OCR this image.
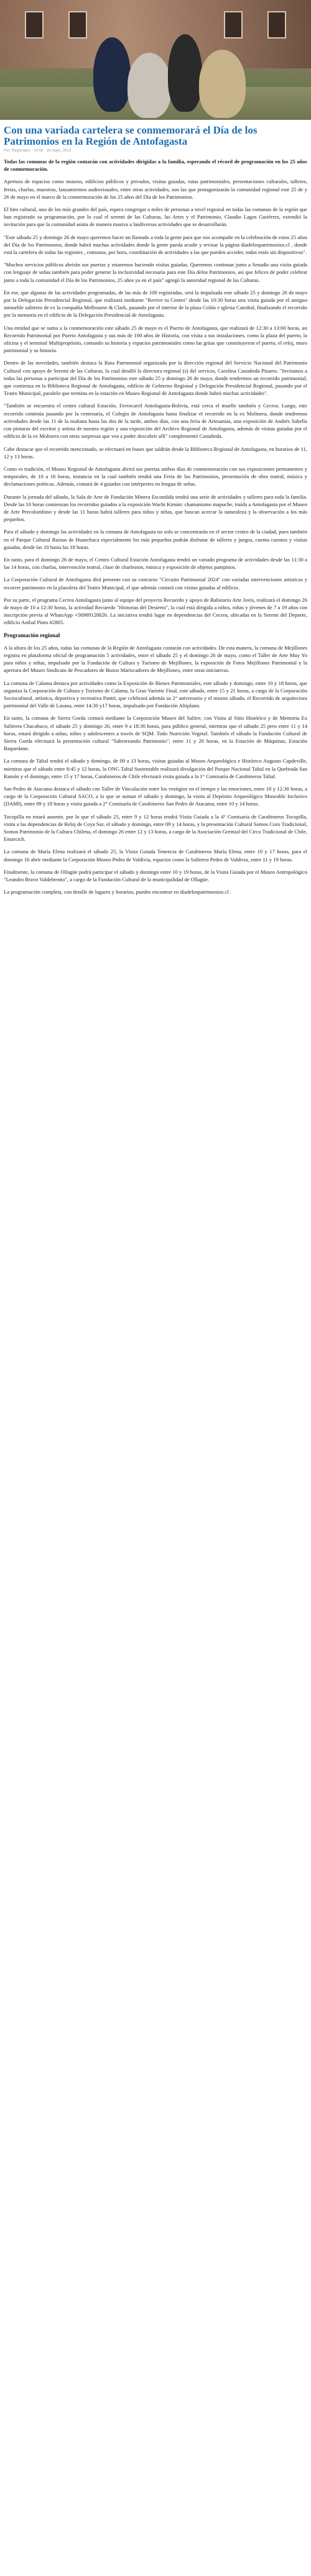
Con una variada cartelera se conmemorará el Día de los Patrimonios en la Región de Antofagasta
Por: Regionales · 14:08 · 18 mayo, 2023

Todas las comunas de la región contarán con actividades dirigidas a la familia, esperando el récord de programación en los 25 años de conmemoración.

Apertura de espacios como museos, edificios públicos y privados, visitas guiadas, rutas patrimoniales, presentaciones culturales, talleres, ferias, charlas, muestras, lanzamientos audiovisuales, entre otras actividades, son las que protagonizarán la comunidad regional este 25 de y 26 de mayo en el marco de la conmemoración de los 25 años del Día de los Patrimonios.

El hito cultural, uno de los más grandes del país, espera congregar a miles de personas a nivel regional en todas las comunas de la región que han registrado su programación, por lo cual el seremi de las Culturas, las Artes y el Patrimonio, Claudio Lagos Gutiérrez, extendió la invitación para que la comunidad asista de manera masiva a lasdiversas actividades que se desarrollarán.

"Este sábado 25 y domingo 26 de mayo queremos hacer un llamado a toda la gente para que nos acompañe en la celebración de estos 25 años del Día de los Patrimonios, donde habrá muchas actividades donde la gente pueda acudir y revisar la página diadelospatrimonios.cl , donde está la cartelera de todas las regiones , comunas, por hora, coordinación de actividades a las que pueden acceder, todas estás sin dispositivos".

"Muchos servicios públicos abrirán sus puertas y estaremos haciendo visitas guiadas. Queremos continuar junto a Senadis una visita guiada con lenguaje de señas también para poder generar la inclusividad necesaria para este Día delos Patrimonios, así que felices de poder celebrar junto a toda la comunidad el Día de los Patrimonios, 25 años ya en el país" agregó la autoridad regional de las Culturas.

En ese, que algunas de las actividades programadas, de las más de 100 registradas, será la impulsada este sábado 25 y domingo 26 de mayo por la Delegación Presidencial Regional, que realizará mediante "Revive tu Centro" desde las 10:30 horas una visita guiada por el antiguo inmueble salitrero de ex la compañía Melbourne & Clark, pasando por el interior de la plaza Colón e iglesia Catedral, finalizando el recorrido por la memoria en el edificio de la Delegación Presidencial de Antofagasta.

Una entidad que se suma a la conmemoración este sábado 25 de mayo es el Puerto de Antofagasta, que realizará de 12:30 a 13:00 horas, un Recorrido Patrimonial por Puerto Antofagasta y sus más de 100 años de Historia, con visita a sus instalaciones, como la plaza del puerto, la oficina y el terminal Multipropósito, contando su historia y espacios patrimoniales como las grúas que constituyeron el puerto, el reloj, muro patrimonial y su historia.

Dentro de las novedades, también destaca la Ruta Patrimonial organizada por la dirección regional del Servicio Nacional del Patrimonio Cultural con apoyo de Seremi de las Culturas, la cual detalló la directora regional (s) del servicio, Carolina Castañeda Pizarro. "Invitamos a todas las personas a participar del Día de los Patrimonios este sábado 25 y domingo 26 de mayo, donde tendremos un recorrido patrimonial, que comienza en la Biblioteca Regional de Antofagasta, edificio de Gobierno Regional y Delegación Presidencial Regional, pasando por el Teatro Municipal, paralelo que termina en la estación en Museo Regional de Antofagasta donde habrá muchas actividades".

"También se encuentra el centro cultural Estación, Ferrocarril Antofagasta-Bolivia, está cerca el muelle también y Cecrea. Luego, este recorrido continúa pasando por la centenaria, el Colegio de Antofagasta hasta finalizar el recorrido en la ex Molinera, donde tendremos actividades desde las 11 de la mañana hasta las dos de la tarde, ambos días, con una feria de Artesanías, una exposición de Andrés Sabella con pinturas del escritor y artista de nuestra región y una exposición del Archivo Regional de Antofagasta, además de visitas guiadas por el edificio de la ex Molinera con otras sorpresas que vea a poder descubrir allí" complementó Castañeda.

Cabe destacar que el recorrido mencionado, se efectuará en buses que saldrán desde la Biblioteca Regional de Antofagasta, en horarios de 11, 12 y 13 horas.

Como es tradición, el Museo Regional de Antofagasta abrirá sus puertas ambos días de conmemoración con sus exposiciones permanentes y temporales, de 10 a 16 horas, instancia en la cual también tendrá una Feria de los Patrimonios, presentación de obra teatral, música y declamaciones poéticas. Además, contará de 4 guiados con intérpretes en lengua de señas.

Durante la jornada del sábado, la Sala de Arte de Fundación Minera Escondida tendrá una serie de actividades y talleres para toda la familia. Desde las 10 horas comienzan los recorridos guiados a la exposición Wachi Kimún: chamanismo mapuche, traída a Antofagasta por el Museo de Arte Precolombino y desde las 11 horas habrá talleres para niños y niñas, que buscan acercar la naturaleza y la observación a los más pequeños.

Para el sábado y domingo las actividades en la comuna de Antofagasta no solo se concentrarán en el sector centro de la ciudad, pues también en el Parque Cultural Ruinas de Huanchaca especialmente los más pequeños podrán disfrutar de talleres y juegos, cuenta cuentos y visitas guiadas, desde las 10 hasta las 18 horas.

En tanto, para el domingo 26 de mayo, el Centro Cultural Estación Antofagasta tendrá un variado programa de actividades desde las 11:30 a las 14 horas, con charlas, intervención teatral, clase de charleston, música y exposición de objetos pampinos.

La Corporación Cultural de Antofagasta dirá presente con su concurso "Circuito Patrimonial 2024" con variadas intervenciones artísticas y recorrer patrimonio en la plazoleta del Teatro Municipal, el que además contará con visitas guiadas al edificio.

Por su parte, el programa Cecrea Antofagasta junto al equipo del proyecto Recuerdo y apoyo de Balneario Arte Jovis, realizará el domingo 26 de mayo de 10 a 12:30 horas, la actividad Recuerdo "Historias del Desierto", la cual está dirigida a niños, niñas y jóvenes de 7 a 19 años con inscripción previa al WhatsApp +56989128826. La iniciativa tendrá lugar en dependencias del Cecrea, ubicadas en la Seremi del Deporte, edificio Anibal Pinto #2805.

Programación regional

A la altura de los 25 años, todas las comunas de la Región de Antofagasta contarán con actividades. De esta manera, la comuna de Mejillones registra en plataforma oficial de programación 5 actividades, entre el sábado 25 y el domingo 26 de mayo, como el Taller de Arte Muy Yo para niños y niñas, impulsado por la Fundación de Cultura y Turismo de Mejillones, la exposición de Fotos Mejillones Patrimonial y la apertura del Museo Sindicato de Pescadores de Buzos Mariscadores de Mejillones, entre otras iniciativas.

La comuna de Calama destaca por actividades como la Exposición de Bienes Patrimoniales, este sábado y domingo, entre 10 y 18 horas, que organiza la Corporación de Cultura y Turismo de Calama, la Gran Variette Final, este sábado, entre 15 y 21 horas, a cargo de la Corporación Sociocultural, artística, deportiva y recreativa Pantri, que celebrará además su 2° aniversario y el mismo sábado, el Recorrido de arquitectura patrimonial del Valle de Lasana, entre 14:30 y17 horas, impulsado por Fundación Altiplano.

En tanto, la comuna de Sierra Gorda contará mediante la Corporación Museo del Salitre, con Visita al Sitio Histórico y de Memoria Ex Salitrera Chacabuco, el sábado 25 y domingo 26, entre 9 a 18:30 horas, para público general, mientras que el sábado 25 pero entre 11 y 14 horas, estará dirigido a niñas, niños y adolescentes a través de SQM. Todo Nutrición Vegetal. También el sábado la Fundación Cultural de Sierra Gorda efectuará la presentación cultural "Sabroreando Patrimonio", entre 11 y 20 horas, en la Estación de Máquinas, Estación Baquedano.

La comuna de Taltal tendrá el sábado y domingo, de 09 a 13 horas, visitas guiadas al Museo Arqueológico e Histórico Augusto Capdeville, mientras que el sábado entre 8:45 y 12 horas, la ONG Taltal Sustentable realizará divulgación del Parque Nacional Taltal en la Quebrada San Ramón y el domingo, entre 15 y 17 horas, Carabineros de Chile efectuará visita guiada a la 1° Comisaría de Carabineros Taltal.

San Pedro de Atacama destaca el sábado con Taller de Vinculación entre los vestigios en el tiempo y las emociones, entre 10 y 12:30 horas, a cargo de la Corporación Cultural SACO, a lo que se suman el sábado y domingo, la visita al Depósito Arqueológico Museable Inclusivo (DAMI), entre 09 y 18 horas y visita guiada a 2° Comisaría de Carabineros San Pedro de Atacama, entre 10 y 14 horas.

Tocopilla en estará ausente, por lo que el sábado 25, entre 9 y 12 horas tendrá Visita Guiada a la 4° Comisaría de Carabineros Tocopilla, visita a las dependencias de Reloj de Coya Sur, el sábado y domingo, entre 09 y 14 horas, y la presentación Cultural Somos Coro Tradicional, Somos Patrimonio de la Cultura Chilena, el domingo 26 entre 12 y 13 horas, a cargo de la Asociación Gremial del Circo Tradicional de Chile, Emarcich.

La comuna de María Elena realizará el sábado 25, la Visita Guiada Tenencia de Carabineros María Elena, entre 10 y 17 horas, para el domingo 16 abrir mediante la Corporación Museo Pedro de Valdivia, espacios como la Salitrera Pedro de Valdivia, entre 11 y 19 horas.

Finalmente, la comuna de Ollagüe podrá participar el sábado y domingo entre 10 y 19 horas, de la Visita Guiada por el Museo Antropológico "Leandro Bravo Valdebenito", a cargo de la Fundación Cultural de la municipalidad de Ollagüe.

La programación completa, con detalle de lugares y horarios, puedes encontrar en diadelospatrimonios.cl .
